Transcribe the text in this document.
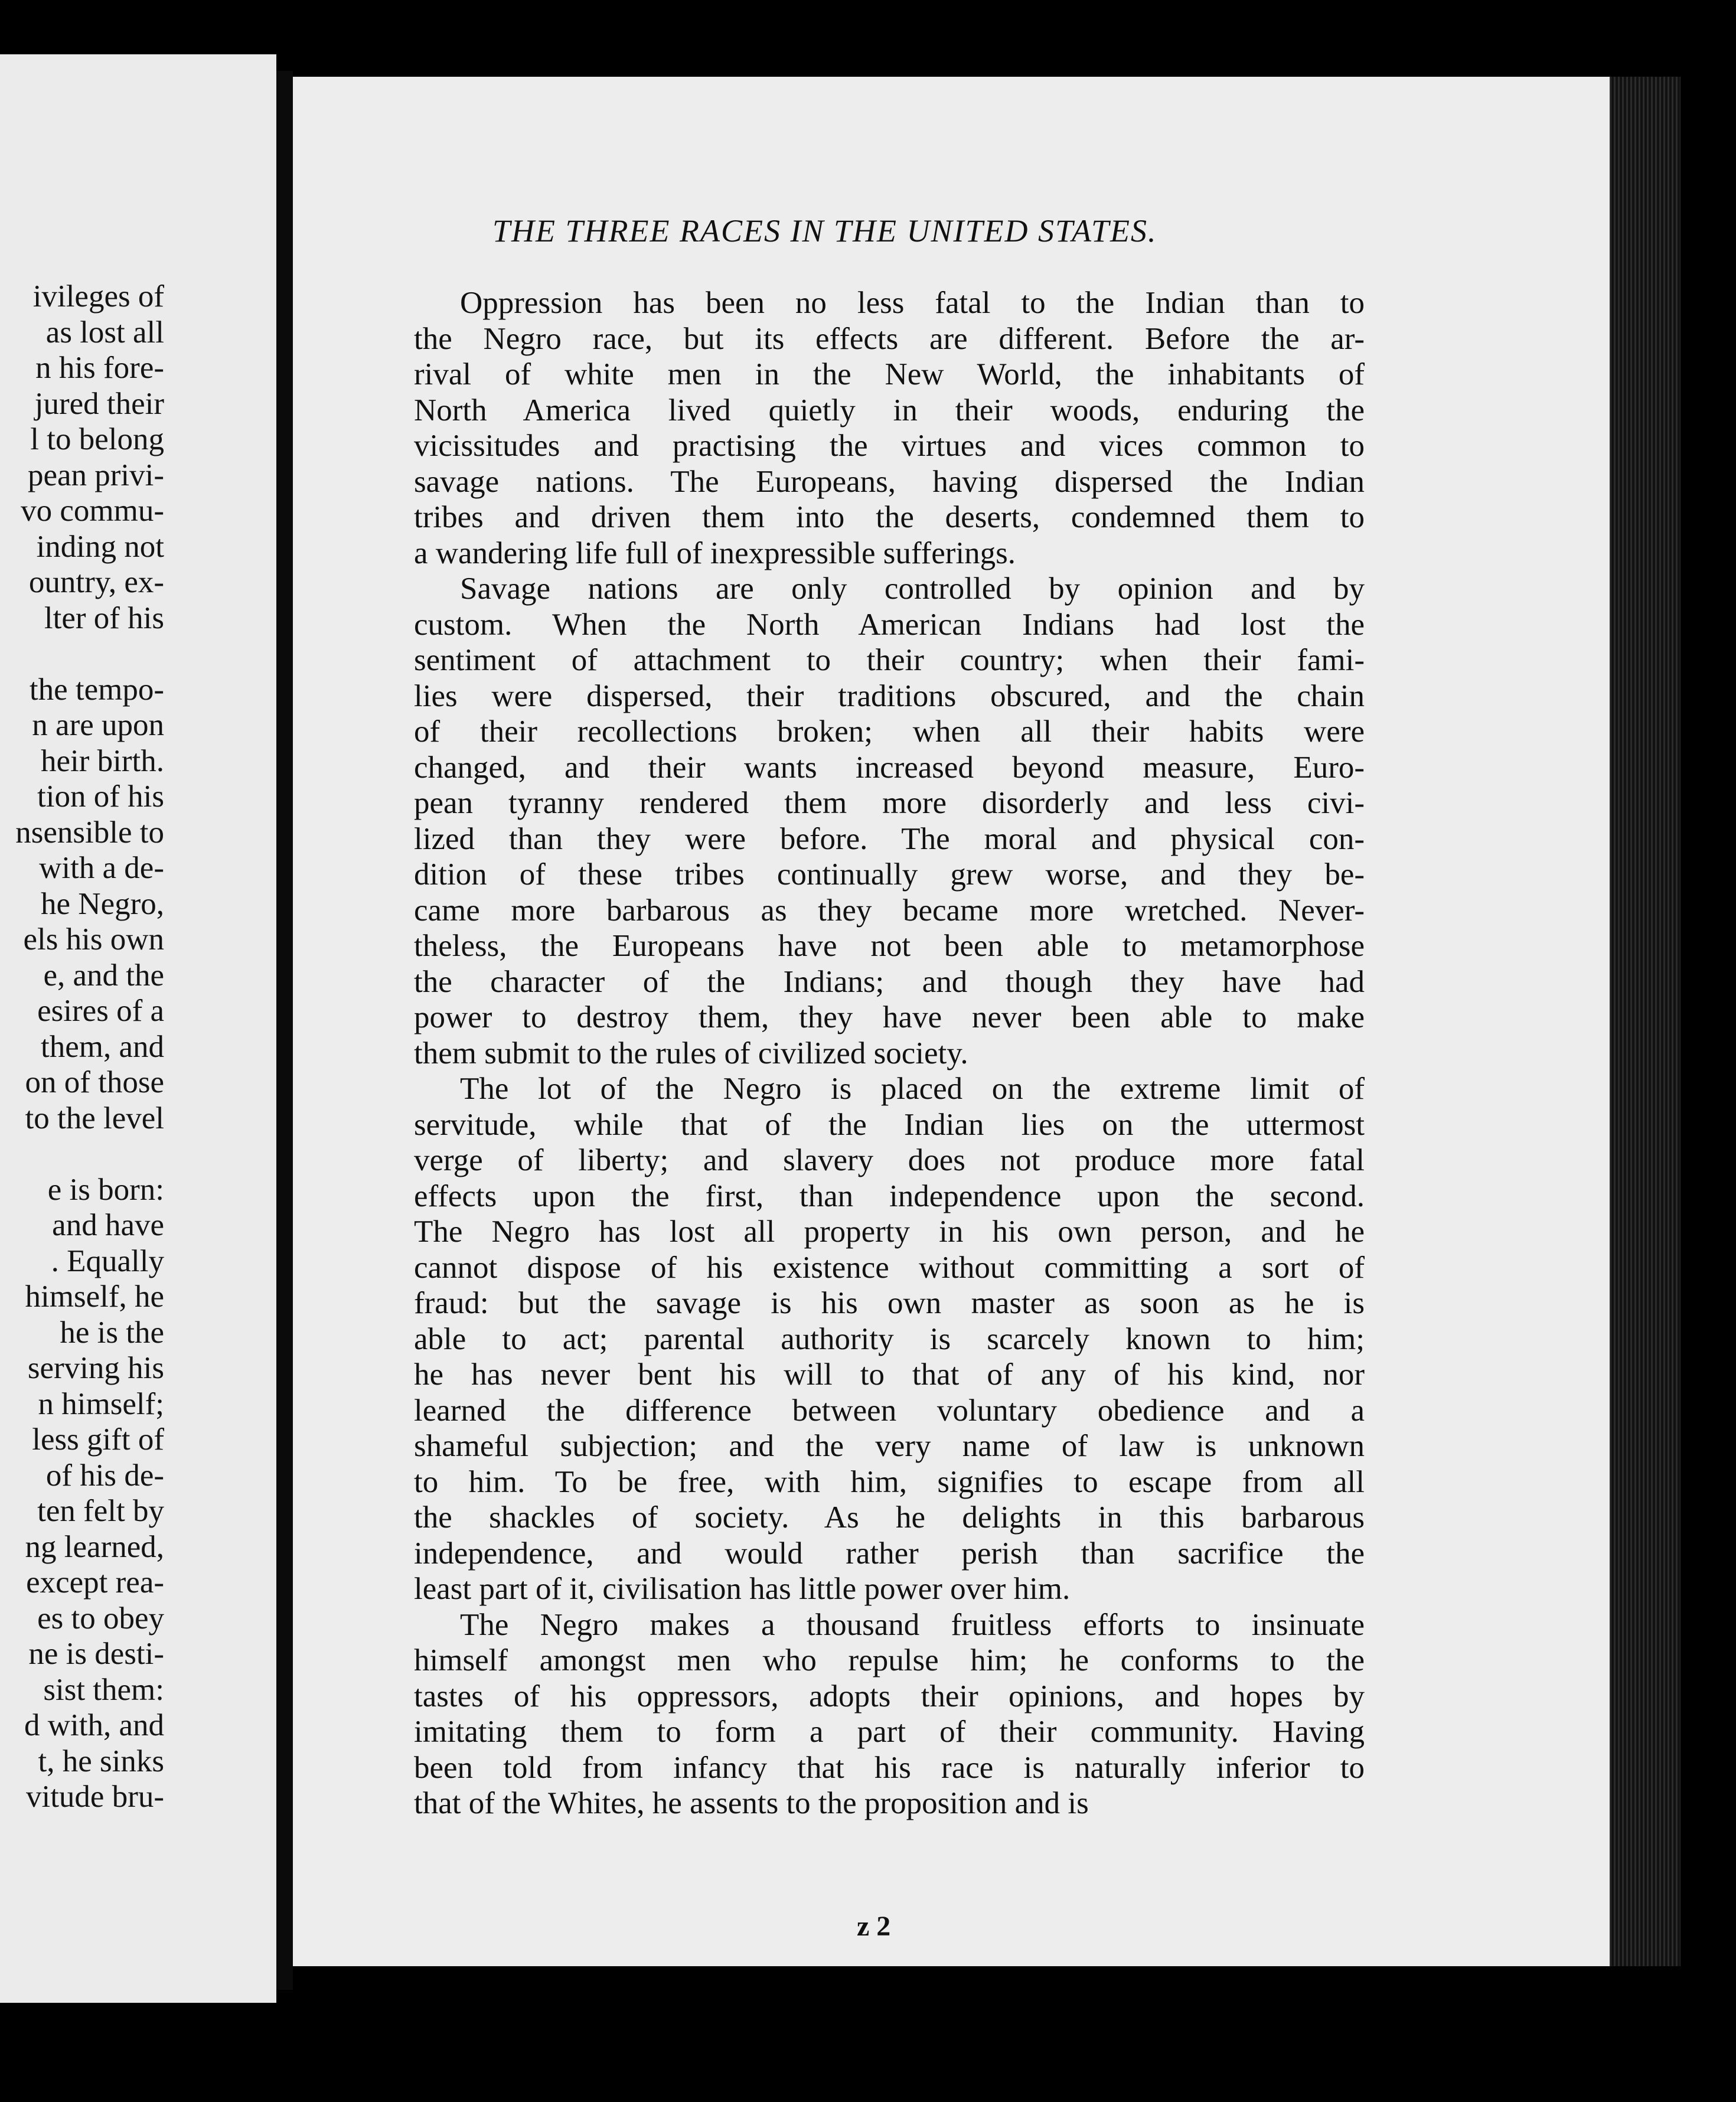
ivileges of
as lost all
n his fore-
jured their
l to belong
pean privi-
vo commu-
inding not
ountry, ex-
lter of his
the tempo-
n are upon
heir birth.
tion of his
nsensible to
with a de-
he Negro,
els his own
e, and the
esires of a
them, and
on of those
to the level
e is born:
and have
. Equally
himself, he
he is the
serving his
n himself;
less gift of
of his de-
ten felt by
ng learned,
except rea-
es to obey
ne is desti-
sist them:
d with, and
t, he sinks
vitude bru-
THE THREE RACES IN THE UNITED STATES.
Oppression has been no less fatal to the Indian than to
the Negro race, but its effects are different. Before the ar-
rival of white men in the New World, the inhabitants of
North America lived quietly in their woods, enduring the
vicissitudes and practising the virtues and vices common to
savage nations. The Europeans, having dispersed the Indian
tribes and driven them into the deserts, condemned them to
a wandering life full of inexpressible sufferings.
Savage nations are only controlled by opinion and by
custom. When the North American Indians had lost the
sentiment of attachment to their country; when their fami-
lies were dispersed, their traditions obscured, and the chain
of their recollections broken; when all their habits were
changed, and their wants increased beyond measure, Euro-
pean tyranny rendered them more disorderly and less civi-
lized than they were before. The moral and physical con-
dition of these tribes continually grew worse, and they be-
came more barbarous as they became more wretched. Never-
theless, the Europeans have not been able to metamorphose
the character of the Indians; and though they have had
power to destroy them, they have never been able to make
them submit to the rules of civilized society.
The lot of the Negro is placed on the extreme limit of
servitude, while that of the Indian lies on the uttermost
verge of liberty; and slavery does not produce more fatal
effects upon the first, than independence upon the second.
The Negro has lost all property in his own person, and he
cannot dispose of his existence without committing a sort of
fraud: but the savage is his own master as soon as he is
able to act; parental authority is scarcely known to him;
he has never bent his will to that of any of his kind, nor
learned the difference between voluntary obedience and a
shameful subjection; and the very name of law is unknown
to him. To be free, with him, signifies to escape from all
the shackles of society. As he delights in this barbarous
independence, and would rather perish than sacrifice the
least part of it, civilisation has little power over him.
The Negro makes a thousand fruitless efforts to insinuate
himself amongst men who repulse him; he conforms to the
tastes of his oppressors, adopts their opinions, and hopes by
imitating them to form a part of their community. Having
been told from infancy that his race is naturally inferior to
that of the Whites, he assents to the proposition and is
z 2
